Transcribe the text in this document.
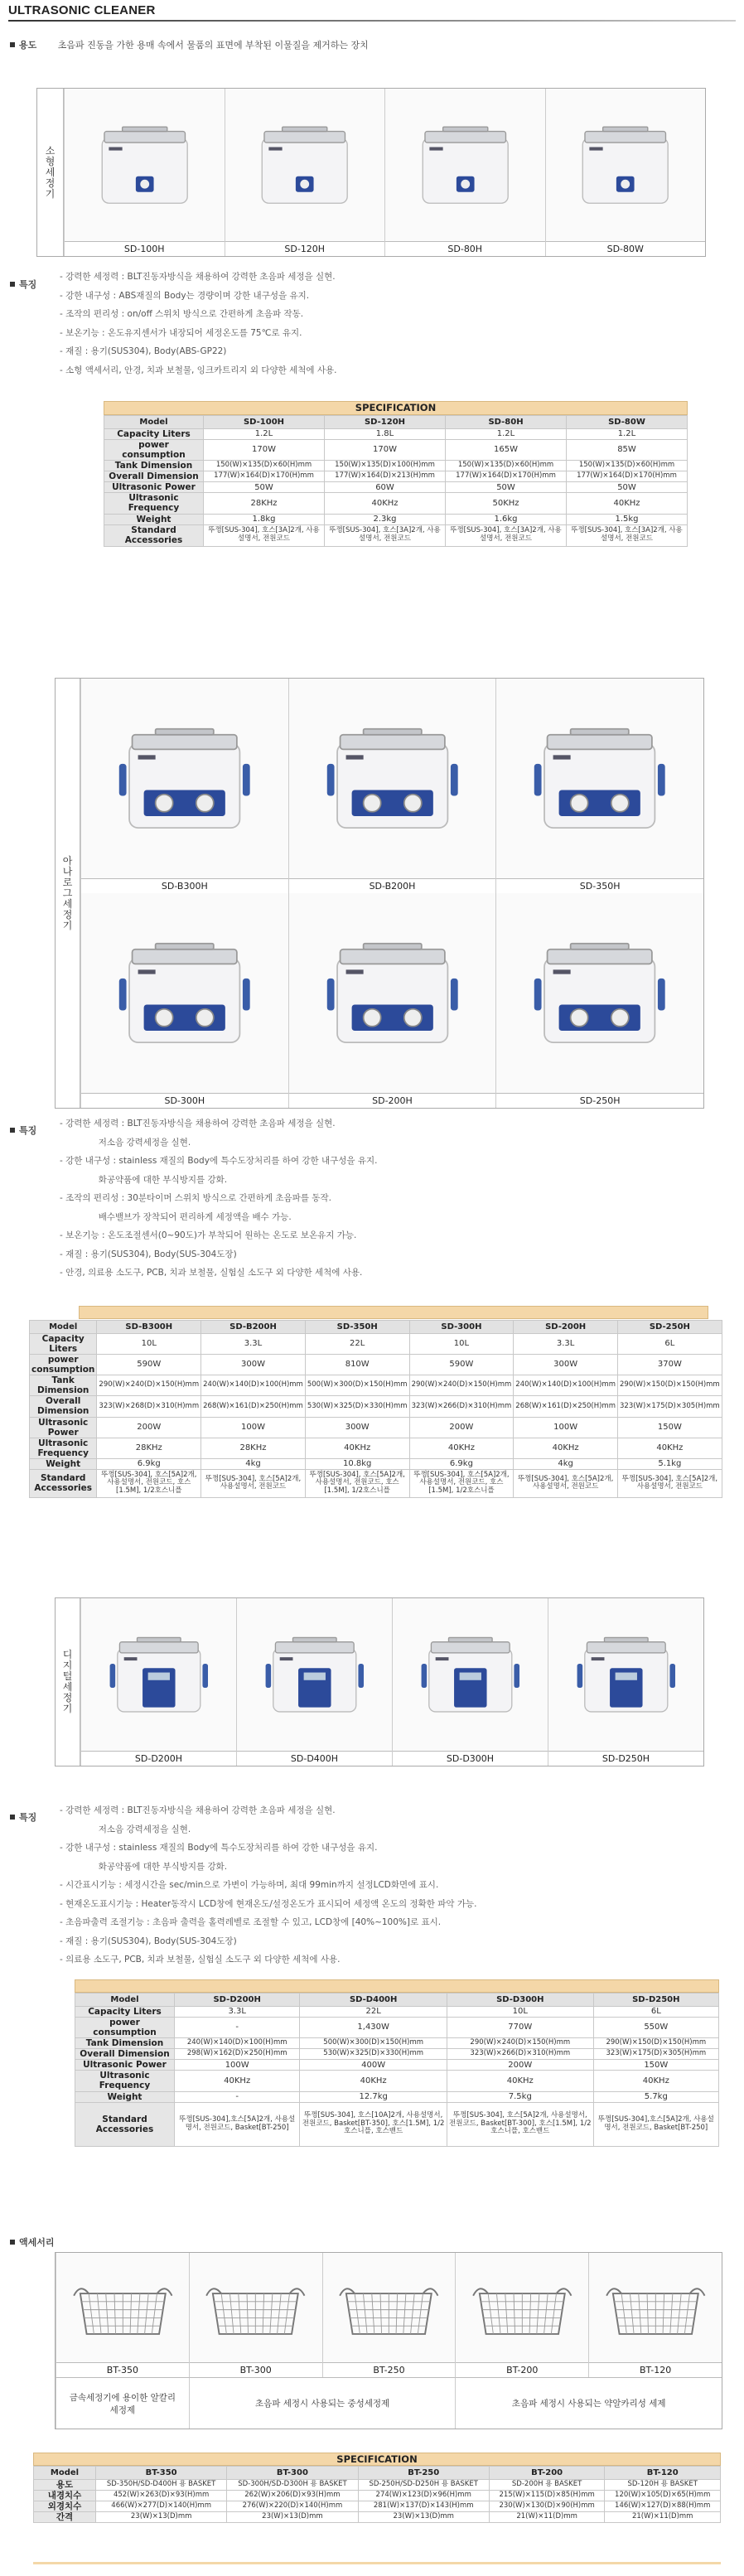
ULTRASONIC CLEANER
용도 초음파 진동을 가한 용매 속에서 물품의 표면에 부착된 이물질을 제거하는 장치
소
형
세
정
기
SD-100H	SD-120H	SD-80H	SD-80W
특징
- 강력한 세정력 : BLT진동자방식을 채용하여 강력한 초음파 세정을 실현.
- 강한 내구성 : ABS재질의 Body는 경량이며 강한 내구성을 유지.
- 조작의 편리성 : on/off 스위치 방식으로 간편하게 초음파 작동.
- 보온기능 : 온도유지센서가 내장되어 세정온도를 75℃로 유지.
- 재질 : 용기(SUS304), Body(ABS-GP22)
- 소형 액세서리, 안경, 치과 보철물, 잉크카트리지 외 다양한 세척에 사용.
SPECIFICATION
Model	SD-100H	SD-120H	SD-80H	SD-80W
Capacity Liters	1.2L	1.8L	1.2L	1.2L
power consumption	170W	170W	165W	85W
Tank Dimension	150(W)×135(D)×60(H)mm	150(W)×135(D)×100(H)mm	150(W)×135(D)×60(H)mm	150(W)×135(D)×60(H)mm
Overall Dimension	177(W)×164(D)×170(H)mm	177(W)×164(D)×213(H)mm	177(W)×164(D)×170(H)mm	177(W)×164(D)×170(H)mm
Ultrasonic Power	50W	60W	50W	50W
Ultrasonic Frequency	28KHz	40KHz	50KHz	40KHz
Weight	1.8kg	2.3kg	1.6kg	1.5kg
Standard Accessories	뚜껑[SUS-304], 호스[3A]2개, 사용설명서, 전원코드	뚜껑[SUS-304], 호스[3A]2개, 사용설명서, 전원코드	뚜껑[SUS-304], 호스[3A]2개, 사용설명서, 전원코드	뚜껑[SUS-304], 호스[3A]2개, 사용설명서, 전원코드
아
나
로
그
세
정
기
SD-B300H	SD-B200H	SD-350H
SD-300H	SD-200H	SD-250H
특징
- 강력한 세정력 : BLT진동자방식을 채용하여 강력한 초음파 세정을 실현.
저소음 강력세정을 실현.
- 강한 내구성 : stainless 재질의 Body에 특수도장처리를 하여 강한 내구성을 유지.
화공약품에 대한 부식방지를 강화.
- 조작의 편리성 : 30분타이머 스위치 방식으로 간편하게 초음파를 동작.
배수밸브가 장착되어 편리하게 세정액을 배수 가능.
- 보온기능 : 온도조절센서(0~90도)가 부착되어 원하는 온도로 보온유지 가능.
- 재질 : 용기(SUS304), Body(SUS-304도장)
- 안경, 의료용 소도구, PCB, 치과 보철물, 실험실 소도구 외 다양한 세척에 사용.
Model	SD-B300H	SD-B200H	SD-350H	SD-300H	SD-200H	SD-250H
Capacity Liters	10L	3.3L	22L	10L	3.3L	6L
power consumption	590W	300W	810W	590W	300W	370W
Tank Dimension	290(W)×240(D)×150(H)mm	240(W)×140(D)×100(H)mm	500(W)×300(D)×150(H)mm	290(W)×240(D)×150(H)mm	240(W)×140(D)×100(H)mm	290(W)×150(D)×150(H)mm
Overall Dimension	323(W)×268(D)×310(H)mm	268(W)×161(D)×250(H)mm	530(W)×325(D)×330(H)mm	323(W)×266(D)×310(H)mm	268(W)×161(D)×250(H)mm	323(W)×175(D)×305(H)mm
Ultrasonic Power	200W	100W	300W	200W	100W	150W
Ultrasonic Frequency	28KHz	28KHz	40KHz	40KHz	40KHz	40KHz
Weight	6.9kg	4kg	10.8kg	6.9kg	4kg	5.1kg
Standard Accessories	뚜껑[SUS-304], 호스[5A]2개, 사용설명서, 전원코드, 호스[1.5M], 1/2호스니플	뚜껑[SUS-304], 호스[5A]2개, 사용설명서, 전원코드	뚜껑[SUS-304], 호스[5A]2개, 사용설명서, 전원코드, 호스[1.5M], 1/2호스니플	뚜껑[SUS-304], 호스[5A]2개, 사용설명서, 전원코드, 호스[1.5M], 1/2호스니플	뚜껑[SUS-304], 호스[5A]2개, 사용설명서, 전원코드	뚜껑[SUS-304], 호스[5A]2개, 사용설명서, 전원코드
디
지
털
세
정
기
SD-D200H	SD-D400H	SD-D300H	SD-D250H
특징
- 강력한 세정력 : BLT진동자방식을 채용하여 강력한 초음파 세정을 실현.
저소음 강력세정을 실현.
- 강한 내구성 : stainless 재질의 Body에 특수도장처리를 하여 강한 내구성을 유지.
화공약품에 대한 부식방지를 강화.
- 시간표시기능 : 세정시간을 sec/min으로 가변이 가능하며, 최대 99min까지 설정LCD화면에 표시.
- 현재온도표시기능 : Heater동작시 LCD창에 현재온도/설정온도가 표시되어 세정액 온도의 정확한 파악 가능.
- 초음파출력 조절기능 : 초음파 출력을 홀력레벨로 조절할 수 있고, LCD창에 [40%~100%]로 표시.
- 재질 : 용기(SUS304), Body(SUS-304도장)
- 의료용 소도구, PCB, 치과 보철물, 실험실 소도구 외 다양한 세척에 사용.
Model	SD-D200H	SD-D400H	SD-D300H	SD-D250H
Capacity Liters	3.3L	22L	10L	6L
power consumption	-	1,430W	770W	550W
Tank Dimension	240(W)×140(D)×100(H)mm	500(W)×300(D)×150(H)mm	290(W)×240(D)×150(H)mm	290(W)×150(D)×150(H)mm
Overall Dimension	298(W)×162(D)×250(H)mm	530(W)×325(D)×330(H)mm	323(W)×266(D)×310(H)mm	323(W)×175(D)×305(H)mm
Ultrasonic Power	100W	400W	200W	150W
Ultrasonic Frequency	40KHz	40KHz	40KHz	40KHz
Weight	-	12.7kg	7.5kg	5.7kg
Standard Accessories	뚜껑[SUS-304],호스[5A]2개, 사용설명서, 전원코드, Basket[BT-250]	뚜껑[SUS-304], 호스[10A]2개, 사용설명서, 전원코드, Basket[BT-350], 호스[1.5M], 1/2호스니플, 호스밴드	뚜껑[SUS-304], 호스[5A]2개, 사용설명서, 전원코드, Basket[BT-300], 호스[1.5M], 1/2호스니플, 호스밴드	뚜껑[SUS-304],호스[5A]2개, 사용설명서, 전원코드, Basket[BT-250]
액세서리
BT-350	BT-300	BT-250	BT-200	BT-120
금속세정기에 용이한 알칼리 세정제
초음파 세정시 사용되는 중성세정제	초음파 세정시 사용되는 약알카리성 세제
SPECIFICATION
Model	BT-350	BT-300	BT-250	BT-200	BT-120
용도	SD-350H/SD-D400H 용 BASKET	SD-300H/SD-D300H 용 BASKET	SD-250H/SD-D250H 용 BASKET	SD-200H 용 BASKET	SD-120H 용 BASKET
내경치수	452(W)×263(D)×93(H)mm	262(W)×206(D)×93(H)mm	274(W)×123(D)×96(H)mm	215(W)×115(D)×85(H)mm	120(W)×105(D)×65(H)mm
외경치수	466(W)×277(D)×140(H)mm	276(W)×220(D)×140(H)mm	281(W)×137(D)×143(H)mm	230(W)×130(D)×90(H)mm	146(W)×127(D)×88(H)mm
간격	23(W)×13(D)mm	23(W)×13(D)mm	23(W)×13(D)mm	21(W)×11(D)mm	21(W)×11(D)mm
